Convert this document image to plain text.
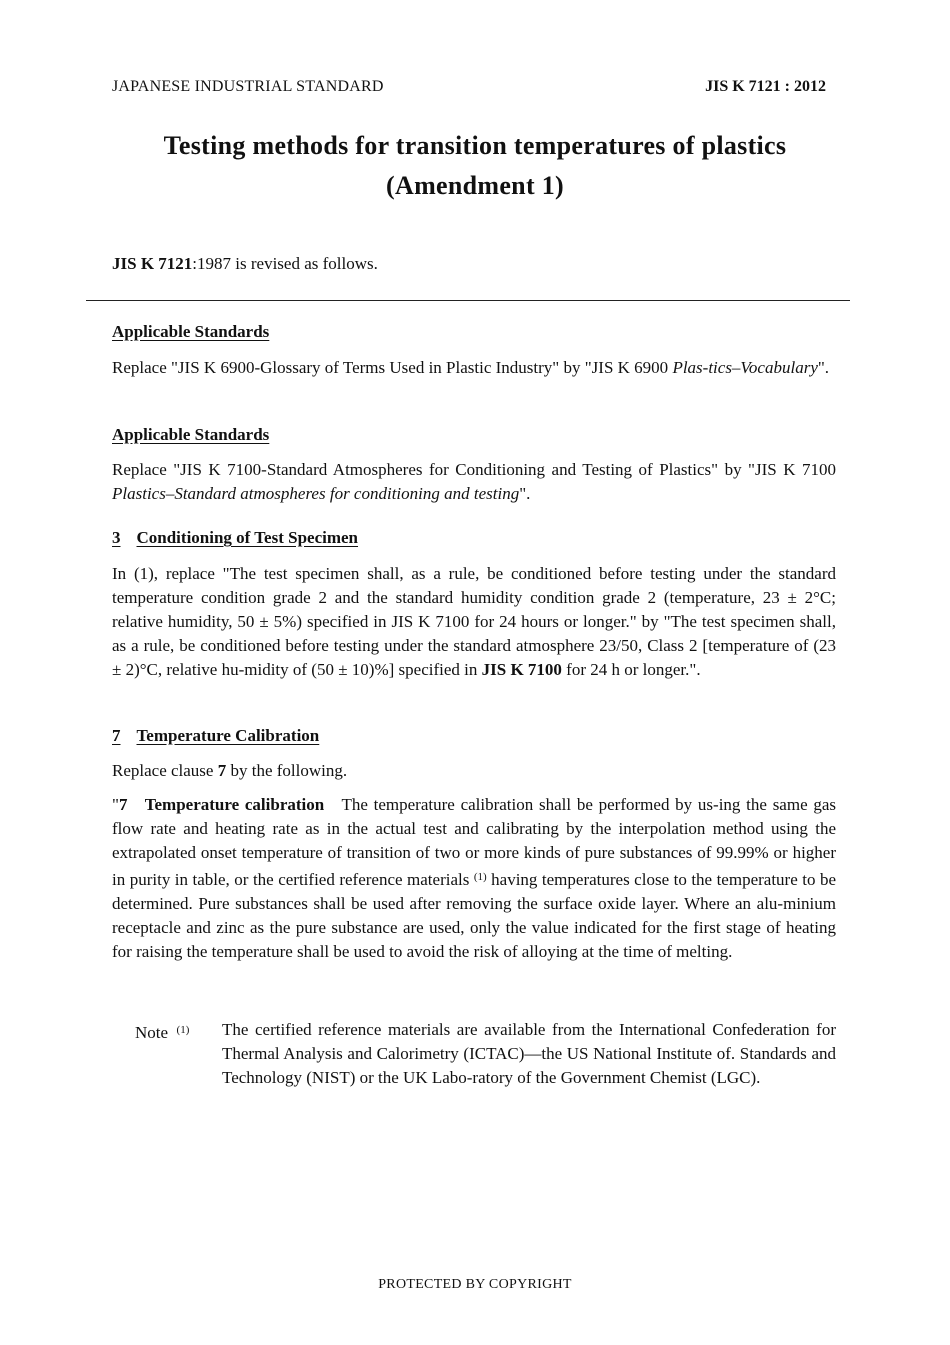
JAPANESE INDUSTRIAL STANDARD	JIS K 7121 : 2012
Testing methods for transition temperatures of plastics
(Amendment 1)
JIS K 7121:1987 is revised as follows.
Applicable Standards
Replace "JIS K 6900-Glossary of Terms Used in Plastic Industry" by "JIS K 6900 Plas-tics–Vocabulary".
Applicable Standards
Replace "JIS K 7100-Standard Atmospheres for Conditioning and Testing of Plastics" by "JIS K 7100 Plastics–Standard atmospheres for conditioning and testing".
3 Conditioning of Test Specimen
In (1), replace "The test specimen shall, as a rule, be conditioned before testing under the standard temperature condition grade 2 and the standard humidity condition grade 2 (temperature, 23 ± 2°C; relative humidity, 50 ± 5%) specified in JIS K 7100 for 24 hours or longer." by "The test specimen shall, as a rule, be conditioned before testing under the standard atmosphere 23/50, Class 2 [temperature of (23 ± 2)°C, relative hu-midity of (50 ± 10)%] specified in JIS K 7100 for 24 h or longer.".
7 Temperature Calibration
Replace clause 7 by the following.
"7 Temperature calibration The temperature calibration shall be performed by us-ing the same gas flow rate and heating rate as in the actual test and calibrating by the interpolation method using the extrapolated onset temperature of transition of two or more kinds of pure substances of 99.99% or higher in purity in table, or the certified reference materials $^{(1)}$ having temperatures close to the temperature to be determined. Pure substances shall be used after removing the surface oxide layer. Where an alu-minium receptacle and zinc as the pure substance are used, only the value indicated for the first stage of heating for raising the temperature shall be used to avoid the risk of alloying at the time of melting.
Note $^{(1)}$ The certified reference materials are available from the International Confederation for Thermal Analysis and Calorimetry (ICTAC)—the US National Institute of. Standards and Technology (NIST) or the UK Labo-ratory of the Government Chemist (LGC).
PROTECTED BY COPYRIGHT
